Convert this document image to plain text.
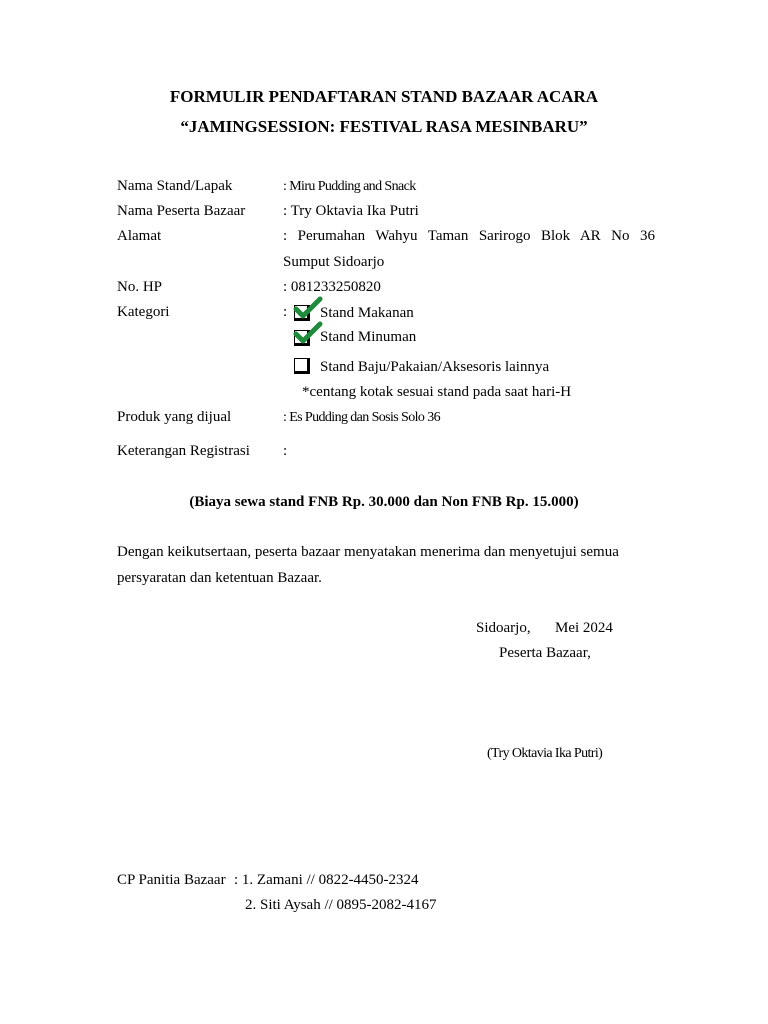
FORMULIR PENDAFTARAN STAND BAZAAR ACARA
“JAMINGSESSION: FESTIVAL RASA MESINBARU”
Nama Stand/Lapak	: Miru Pudding and Snack
Nama Peserta Bazaar	: Try Oktavia Ika Putri
Alamat	: Perumahan Wahyu Taman Sarirogo Blok AR No 36
Sumput Sidoarjo
No. HP	: 081233250820
Kategori	: Stand Makanan
Stand Minuman
Stand Baju/Pakaian/Aksesoris lainnya
*centang kotak sesuai stand pada saat hari-H
Produk yang dijual	: Es Pudding dan Sosis Solo 36
Keterangan Registrasi :
(Biaya sewa stand FNB Rp. 30.000 dan Non FNB Rp. 15.000)
Dengan keikutsertaan, peserta bazaar menyatakan menerima dan menyetujui semua
persyaratan dan ketentuan Bazaar.
Sidoarjo, Mei 2024
Peserta Bazaar,
(Try Oktavia Ika Putri)
CP Panitia Bazaar : 1. Zamani // 0822-4450-2324
2. Siti Aysah // 0895-2082-4167
